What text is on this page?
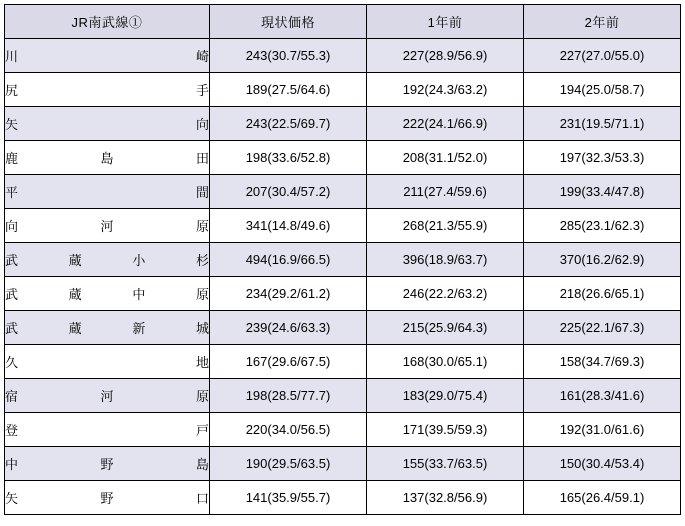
JR南武線①	現状価格	1年前	2年前

川 崎	243(30.7/55.3)	227(28.9/56.9)	227(27.0/55.0)

尻 手	189(27.5/64.6)	192(24.3/63.2)	194(25.0/58.7)

矢 向	243(22.5/69.7)	222(24.1/66.9)	231(19.5/71.1)

鹿 島 田	198(33.6/52.8)	208(31.1/52.0)	197(32.3/53.3)

平 間	207(30.4/57.2)	211(27.4/59.6)	199(33.4/47.8)

向 河 原	341(14.8/49.6)	268(21.3/55.9)	285(23.1/62.3)

武 蔵 小 杉	494(16.9/66.5)	396(18.9/63.7)	370(16.2/62.9)

武 蔵 中 原	234(29.2/61.2)	246(22.2/63.2)	218(26.6/65.1)

武 蔵 新 城	239(24.6/63.3)	215(25.9/64.3)	225(22.1/67.3)

久 地	167(29.6/67.5)	168(30.0/65.1)	158(34.7/69.3)

宿 河 原	198(28.5/77.7)	183(29.0/75.4)	161(28.3/41.6)

登 戸	220(34.0/56.5)	171(39.5/59.3)	192(31.0/61.6)

中 野 島	190(29.5/63.5)	155(33.7/63.5)	150(30.4/53.4)

矢 野 口	141(35.9/55.7)	137(32.8/56.9)	165(26.4/59.1)
